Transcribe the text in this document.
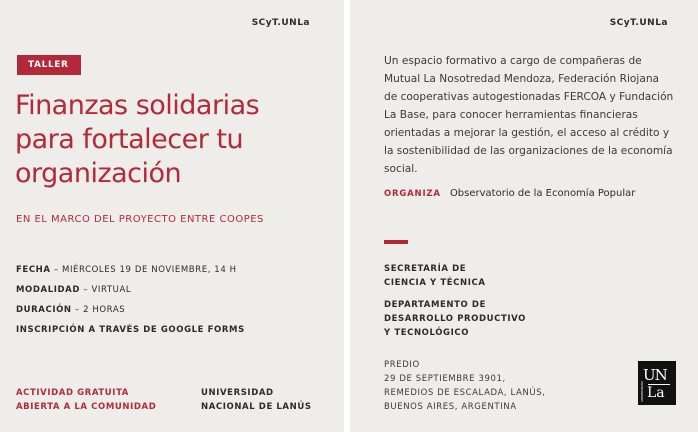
SCyT.UNLa
TALLER
Finanzas solidarias
para fortalecer tu
organización
EN EL MARCO DEL PROYECTO ENTRE COOPES
FECHA – MIÉRCOLES 19 DE NOVIEMBRE, 14 H
MODALIDAD – VIRTUAL
DURACIÓN – 2 HORAS
INSCRIPCIÓN A TRAVÉS DE GOOGLE FORMS
ACTIVIDAD GRATUITA
ABIERTA A LA COMUNIDAD
UNIVERSIDAD
NACIONAL DE LANÚS
SCyT.UNLa

Un espacio formativo a cargo de compañeras de Mutual La Nosotredad Mendoza, Federación Riojana de cooperativas autogestionadas FERCOA y Fundación La Base, para conocer herramientas financieras orientadas a mejorar la gestión, el acceso al crédito y la sostenibilidad de las organizaciones de la economía social.

ORGANIZA Observatorio de la Economía Popular
SECRETARÍA DE
CIENCIA Y TÉCNICA
DEPARTAMENTO DE
DESARROLLO PRODUCTIVO
Y TECNOLÓGICO
PREDIO
29 DE SEPTIEMBRE 3901,
REMEDIOS DE ESCALADA, LANÚS,
BUENOS AIRES, ARGENTINA
UNIVERSIDAD
UN
La
